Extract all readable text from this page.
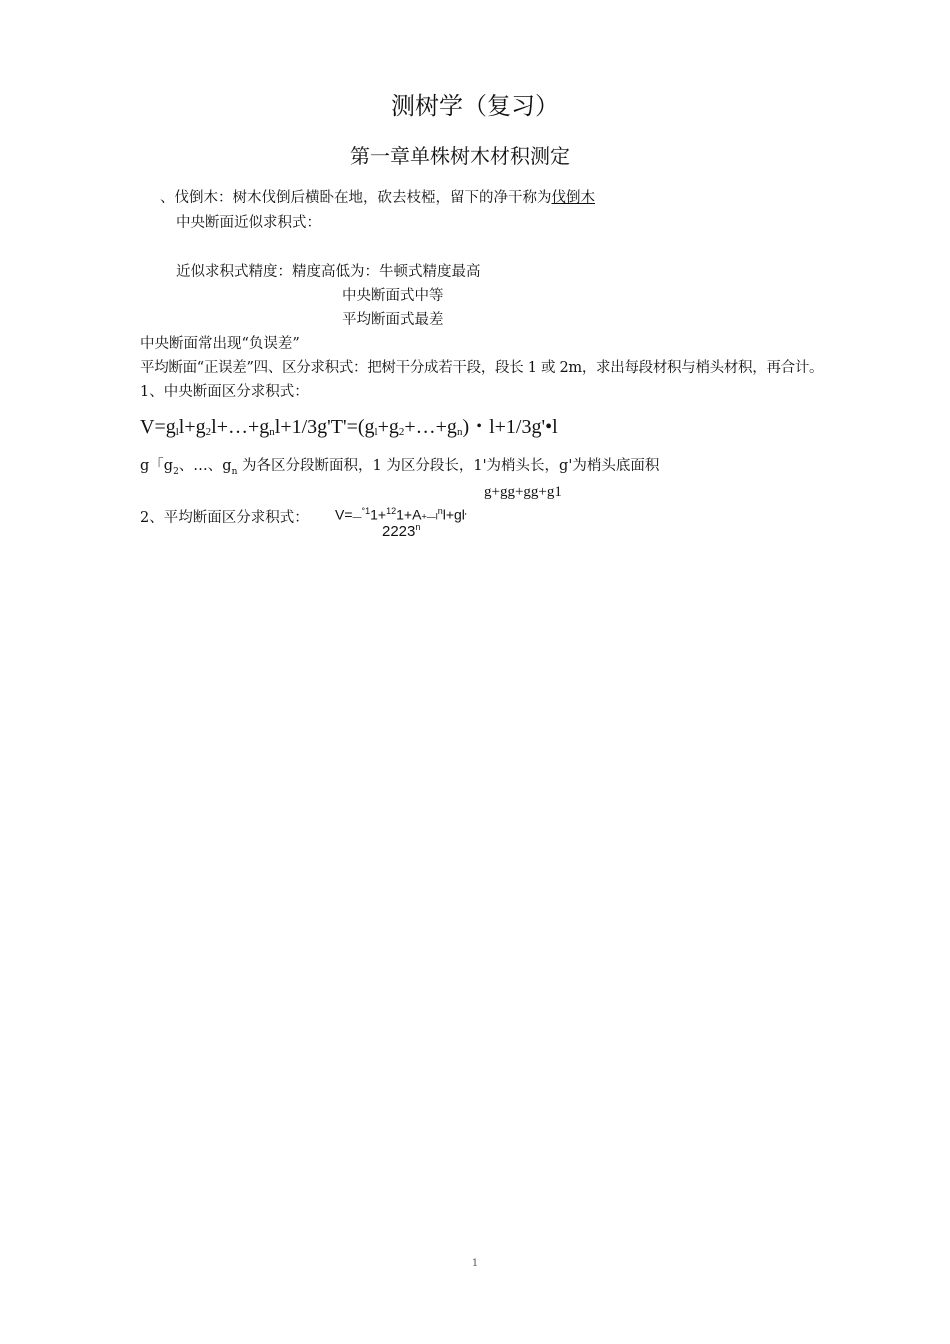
测树学（复习）
第一章单株树木材积测定
、伐倒木：树木伐倒后横卧在地，砍去枝椏，留下的净干称为伐倒木
中央断面近似求积式：
近似求积式精度：精度高低为：牛顿式精度最高
中央断面式中等
平均断面式最差
中央断面常出现“负误差”
平均断面“正误差”四、区分求积式：把树干分成若干段，段长 1 或 2m，求出每段材积与梢头材积，再合计。
1、中央断面区分求积式：
$V=g_ll+g_2l+\dots+g_nl+1/3g'T'=(g_l+g_2+\dots+g_n)$・l+1/3g'•l
g「$g_2$、…、$g_n$ 为各区分段断面积，1 为区分段长，1'为梢头长，g'为梢头底面积
g+gg+gg+g1
2、平均断面区分求积式： $V=—^{^\circ 1}1+^{12}1+A+—l^nl+gl'$
2223$^n$
1
